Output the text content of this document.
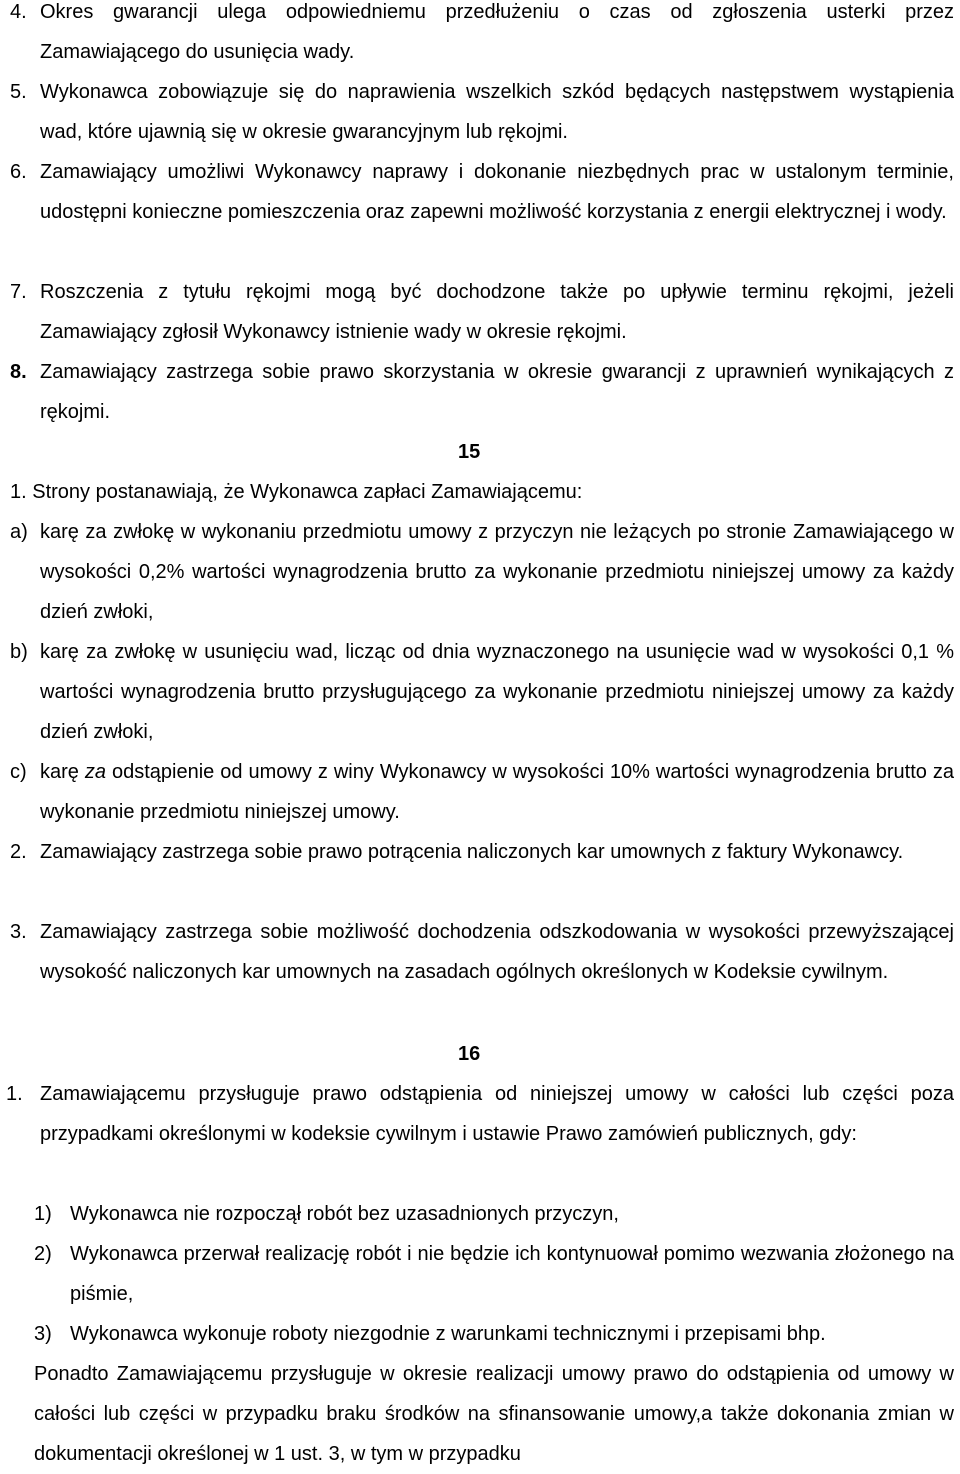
4. Okres gwarancji ulega odpowiedniemu przedłużeniu o czas od zgłoszenia usterki przez Zamawiającego do usunięcia wady.
5. Wykonawca zobowiązuje się do naprawienia wszelkich szkód będących następstwem wystąpienia wad, które ujawnią się w okresie gwarancyjnym lub rękojmi.
6. Zamawiający umożliwi Wykonawcy naprawy i dokonanie niezbędnych prac w ustalonym terminie, udostępni konieczne pomieszczenia oraz zapewni możliwość korzystania z energii elektrycznej i wody.
7. Roszczenia z tytułu rękojmi mogą być dochodzone także po upływie terminu rękojmi, jeżeli Zamawiający zgłosił Wykonawcy istnienie wady w okresie rękojmi.
8. Zamawiający zastrzega sobie prawo skorzystania w okresie gwarancji z uprawnień wynikających z rękojmi.
15
1. Strony postanawiają, że Wykonawca zapłaci Zamawiającemu:
a) karę za zwłokę w wykonaniu przedmiotu umowy z przyczyn nie leżących po stronie Zamawiającego w wysokości 0,2% wartości wynagrodzenia brutto za wykonanie przedmiotu niniejszej umowy za każdy dzień zwłoki,
b) karę za zwłokę w usunięciu wad, licząc od dnia wyznaczonego na usunięcie wad w wysokości 0,1 % wartości wynagrodzenia brutto przysługującego za wykonanie przedmiotu niniejszej umowy za każdy dzień zwłoki,
c) karę za odstąpienie od umowy z winy Wykonawcy w wysokości 10% wartości wynagrodzenia brutto za wykonanie przedmiotu niniejszej umowy.
2. Zamawiający zastrzega sobie prawo potrącenia naliczonych kar umownych z faktury Wykonawcy.
3. Zamawiający zastrzega sobie możliwość dochodzenia odszkodowania w wysokości przewyższającej wysokość naliczonych kar umownych na zasadach ogólnych określonych w Kodeksie cywilnym.
16
1. Zamawiającemu przysługuje prawo odstąpienia od niniejszej umowy w całości lub części poza przypadkami określonymi w kodeksie cywilnym i ustawie Prawo zamówień publicznych, gdy:
1) Wykonawca nie rozpoczął robót bez uzasadnionych przyczyn,
2) Wykonawca przerwał realizację robót i nie będzie ich kontynuował pomimo wezwania złożonego na piśmie,
3) Wykonawca wykonuje roboty niezgodnie z warunkami technicznymi i przepisami bhp.
Ponadto Zamawiającemu przysługuje w okresie realizacji umowy prawo do odstąpienia od umowy w całości lub części w przypadku braku środków na sfinansowanie umowy,a także dokonania zmian w dokumentacji określonej w 1 ust. 3, w tym w przypadku
